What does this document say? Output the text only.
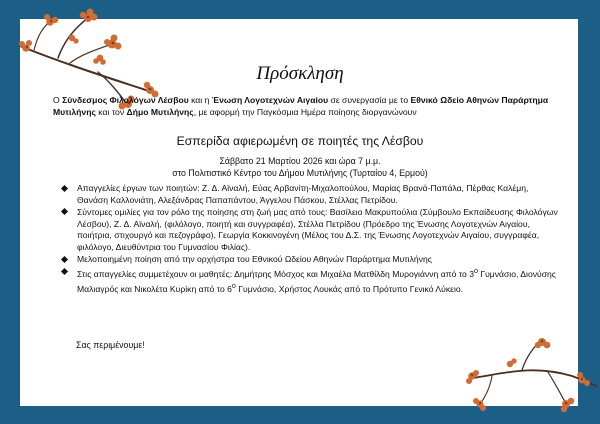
Πρόσκληση
Ο Σύνδεσμος Φιλολόγων Λέσβου και η Ένωση Λογοτεχνών Αιγαίου σε συνεργασία με το Εθνικό Ωδείο Αθηνών Παράρτημα Μυτιλήνης και τον Δήμο Μυτιλήνης, με αφορμή την Παγκόσμια Ημέρα ποίησης διοργανώνουν
Εσπερίδα αφιερωμένη σε ποιητές της Λέσβου
Σάββατο 21 Μαρτίου 2026 και ώρα 7 μ.μ.
στο Πολιτιστικό Κέντρο του Δήμου Μυτιλήνης (Τυρταίου 4, Ερμού)
Απαγγελίες έργων των ποιητών: Ζ. Δ. Αϊναλή, Εύας Αρβανίτη-Μιχαλοπούλου, Μαρίας Βρανά-Παπάλα, Πέρθας Καλέμη, Θανάση Καλλονιάτη, Αλεξάνδρας Παπαπάντου, Άγγελου Πάσκου, Στέλλας Πετρίδου.
Σύντομες ομιλίες για τον ρόλο της ποίησης στη ζωή μας από τους: Βασίλειο Μακρυπούλια (Σύμβουλο Εκπαίδευσης Φιλολόγων Λέσβου), Ζ. Δ. Αϊναλή, (φιλόλογο, ποιητή και συγγραφέα), Στέλλα Πετρίδου (Πρόεδρο της Ένωσης Λογοτεχνών Αιγαίου, ποιήτρια, στιχουργό και πεζογράφο), Γεωργία Κοκκινογένη (Μέλος του Δ.Σ. της Ένωσης Λογοτεχνών Αιγαίου, συγγραφέα, φιλόλογο, Διευθύντρια του Γυμνασίου Φιλίας).
Μελοποιημένη ποίηση από την ορχήστρα του Εθνικού Ωδείου Αθηνών Παράρτημα Μυτιλήνης
Στις απαγγελίες συμμετέχουν οι μαθητές: Δημήτρης Μόσχος και Μιχαέλα Ματθίλδη Μυρογιάννη από το $3^o$ Γυμνάσιο, Διονύσης Μαλιαγρός και Νικολέτα Κυρίκη από το $6^o$ Γυμνάσιο, Χρήστος Λουκάς από το Πρότυπο Γενικό Λύκειο.
Σας περιμένουμε!
